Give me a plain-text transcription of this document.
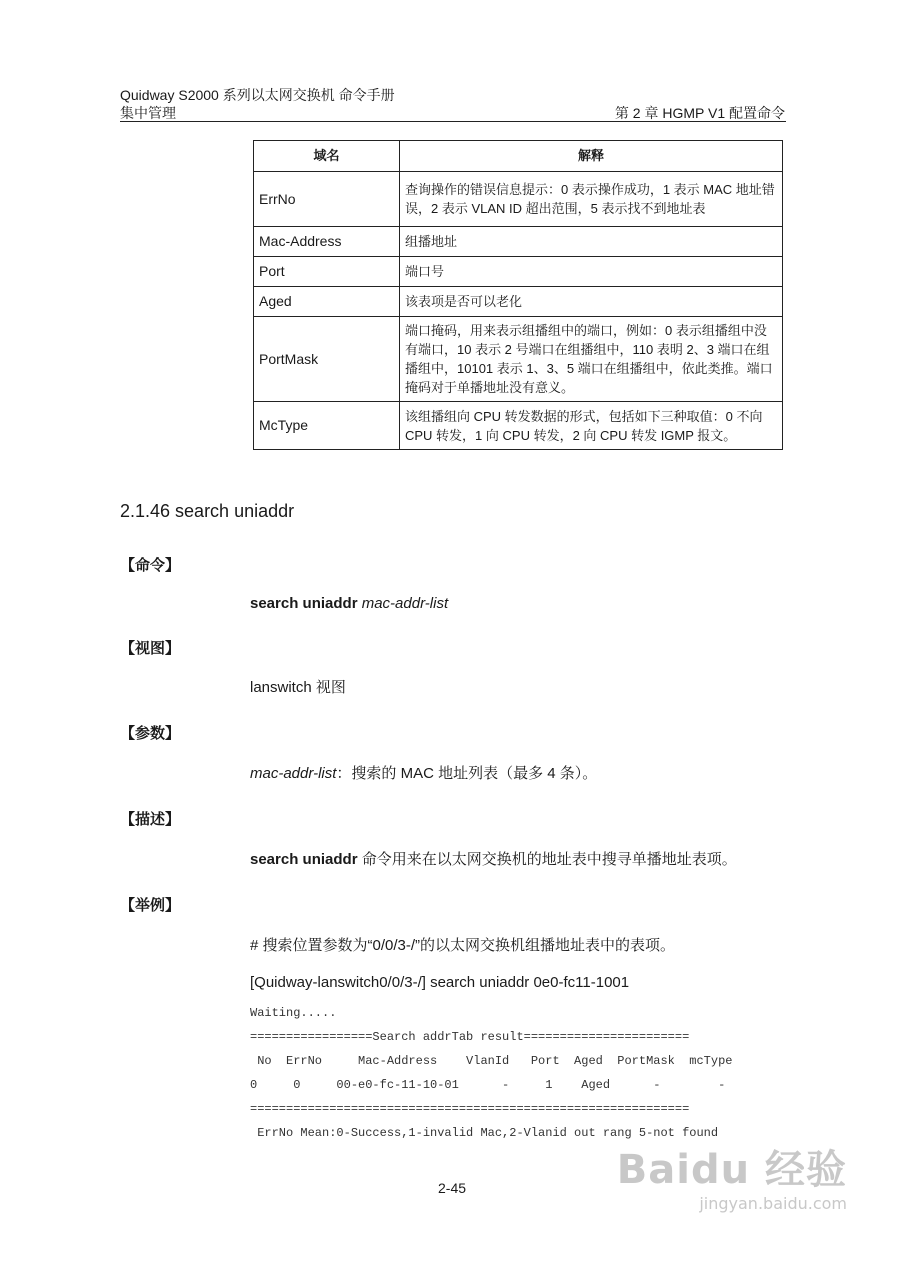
Quidway S2000 系列以太网交换机 命令手册
集中管理	第 2 章 HGMP V1 配置命令
域名	解释
ErrNo	查询操作的错误信息提示：0 表示操作成功，1 表示 MAC 地址错误，2 表示 VLAN ID 超出范围，5 表示找不到地址表
Mac-Address	组播地址
Port	端口号
Aged	该表项是否可以老化
PortMask	端口掩码，用来表示组播组中的端口，例如：0 表示组播组中没有端口，10 表示 2 号端口在组播组中，110 表明 2、3 端口在组播组中，10101 表示 1、3、5 端口在组播组中，依此类推。端口掩码对于单播地址没有意义。
McType	该组播组向 CPU 转发数据的形式，包括如下三种取值：0 不向 CPU 转发，1 向 CPU 转发，2 向 CPU 转发 IGMP 报文。
2.1.46 search uniaddr
【命令】
search uniaddr mac-addr-list
【视图】
lanswitch 视图
【参数】
mac-addr-list：搜索的 MAC 地址列表（最多 4 条）。
【描述】
search uniaddr 命令用来在以太网交换机的地址表中搜寻单播地址表项。
【举例】
# 搜索位置参数为“0/0/3-/”的以太网交换机组播地址表中的表项。
[Quidway-lanswitch0/0/3-/] search uniaddr 0e0-fc11-1001
Waiting.....
=================Search addrTab result=======================
No  ErrNo     Mac-Address    VlanId   Port  Aged  PortMask  mcType
0     0     00-e0-fc-11-10-01      -     1    Aged      -        -
=============================================================
ErrNo Mean:0-Success,1-invalid Mac,2-Vlanid out rang 5-not found
2-45	Baidu 经验
jingyan.baidu.com
